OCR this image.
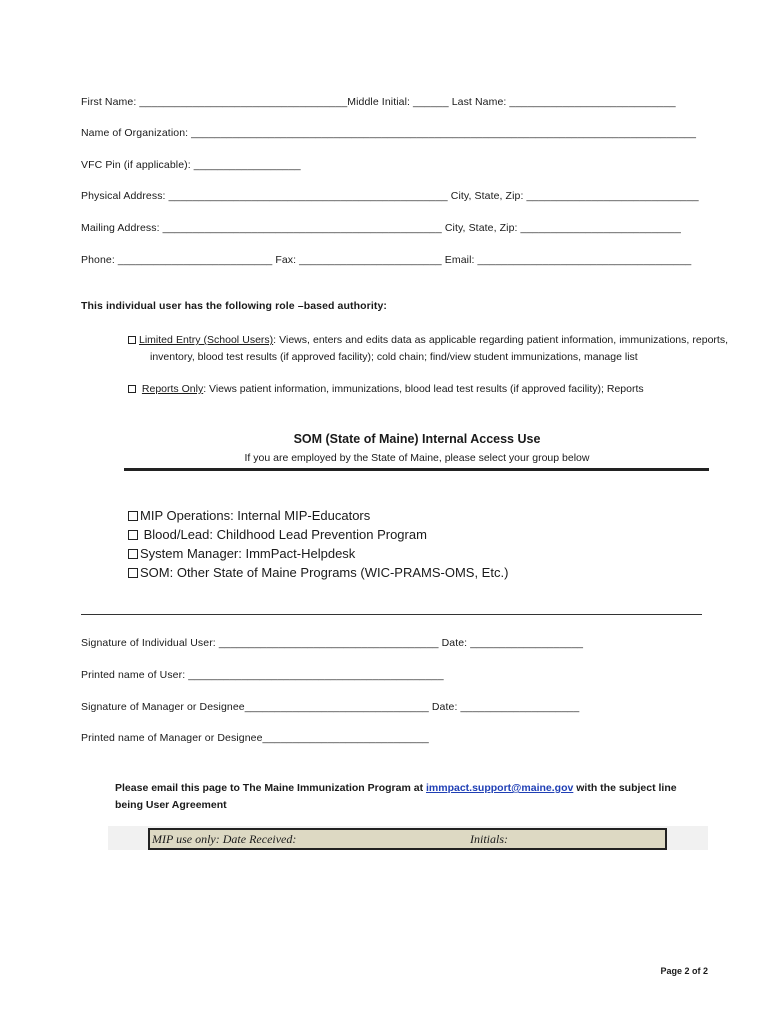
First Name: ___________________________________Middle Initial: ______ Last Name: ____________________________
Name of Organization: _____________________________________________________________________________________
VFC Pin (if applicable): __________________
Physical Address: _______________________________________________ City, State, Zip: _____________________________
Mailing Address: _______________________________________________ City, State, Zip: ___________________________
Phone: __________________________ Fax: ________________________ Email: ____________________________________
This individual user has the following role –based authority:
Limited Entry (School Users): Views, enters and edits data as applicable regarding patient information, immunizations, reports, inventory, blood test results (if approved facility); cold chain; find/view student immunizations, manage list
Reports Only: Views patient information, immunizations, blood lead test results (if approved facility); Reports
SOM (State of Maine) Internal Access Use
If you are employed by the State of Maine, please select your group below
MIP Operations: Internal MIP-Educators
Blood/Lead: Childhood Lead Prevention Program
System Manager: ImmPact-Helpdesk
SOM: Other State of Maine Programs (WIC-PRAMS-OMS, Etc.)
Signature of Individual User: _____________________________________ Date: ___________________
Printed name of User: ___________________________________________
Signature of Manager or Designee_______________________________ Date: ____________________
Printed name of Manager or Designee____________________________
Please email this page to The Maine Immunization Program at immpact.support@maine.gov with the subject line being User Agreement
MIP use only: Date Received:	Initials:
Page 2 of 2
